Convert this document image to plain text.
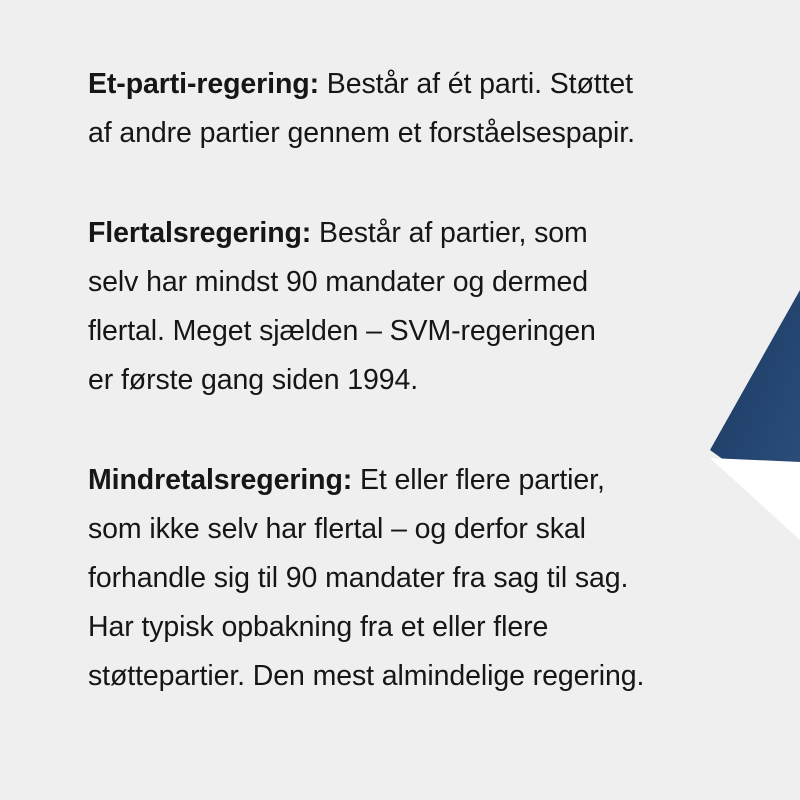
Et-parti-regering: Består af ét parti. Støttet
af andre partier gennem et forståelsespapir.

Flertalsregering: Består af partier, som
selv har mindst 90 mandater og dermed
flertal. Meget sjælden – SVM-regeringen
er første gang siden 1994.

Mindretalsregering: Et eller flere partier,
som ikke selv har flertal – og derfor skal
forhandle sig til 90 mandater fra sag til sag.
Har typisk opbakning fra et eller flere
støttepartier. Den mest almindelige regering.
